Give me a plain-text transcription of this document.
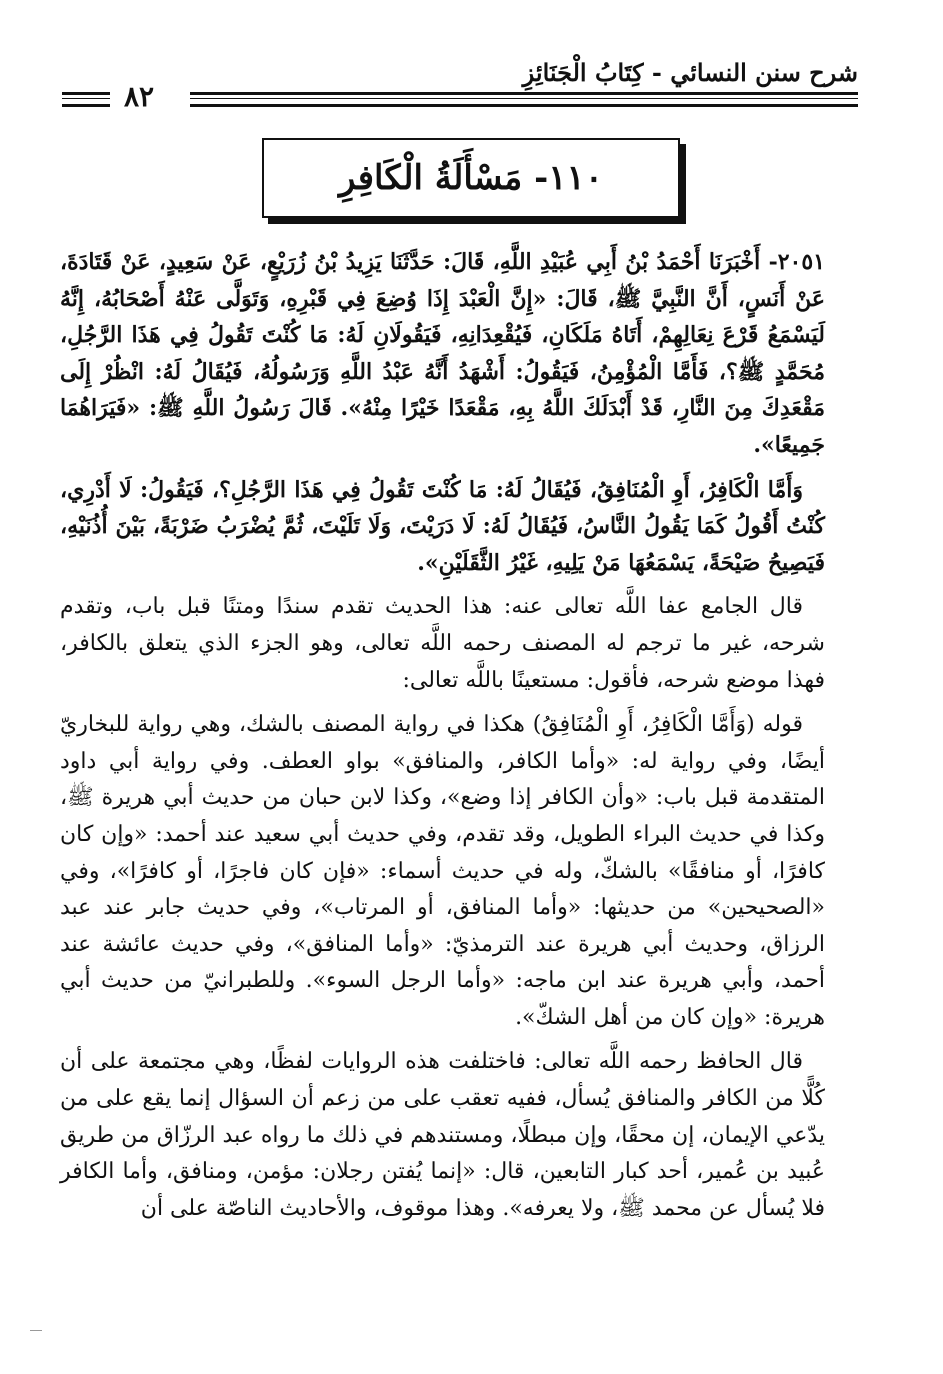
شرح سنن النسائي - كِتَابُ الْجَنَائِزِ
٨٢
١١٠- مَسْأَلَةُ الْكَافِرِ

٢٠٥١- أَخْبَرَنَا أَحْمَدُ بْنُ أَبِي عُبَيْدِ اللَّهِ، قَالَ: حَدَّثَنَا يَزِيدُ بْنُ زُرَيْعٍ، عَنْ سَعِيدٍ، عَنْ قَتَادَةَ، عَنْ أَنَسٍ، أَنَّ النَّبِيَّ ﷺ، قَالَ: «إِنَّ الْعَبْدَ إِذَا وُضِعَ فِي قَبْرِهِ، وَتَوَلَّى عَنْهُ أَصْحَابُهُ، إِنَّهُ لَيَسْمَعُ قَرْعَ نِعَالِهِمْ، أَتَاهُ مَلَكَانِ، فَيُقْعِدَانِهِ، فَيَقُولَانِ لَهُ: مَا كُنْتَ تَقُولُ فِي هَذَا الرَّجُلِ، مُحَمَّدٍ ﷺ؟، فَأَمَّا الْمُؤْمِنُ، فَيَقُولُ: أَشْهَدُ أَنَّهُ عَبْدُ اللَّهِ وَرَسُولُهُ، فَيُقَالُ لَهُ: انْظُرْ إِلَى مَقْعَدِكَ مِنَ النَّارِ، قَدْ أَبْدَلَكَ اللَّهُ بِهِ، مَقْعَدًا خَيْرًا مِنْهُ». قَالَ رَسُولُ اللَّهِ ﷺ: «فَيَرَاهُمَا جَمِيعًا».

وَأَمَّا الْكَافِرُ، أَوِ الْمُنَافِقُ، فَيُقَالُ لَهُ: مَا كُنْتَ تَقُولُ فِي هَذَا الرَّجُلِ؟، فَيَقُولُ: لَا أَدْرِي، كُنْتُ أَقُولُ كَمَا يَقُولُ النَّاسُ، فَيُقَالُ لَهُ: لَا دَرَيْتَ، وَلَا تَلَيْتَ، ثُمَّ يُضْرَبُ ضَرْبَةً، بَيْنَ أُذُنَيْهِ، فَيَصِيحُ صَيْحَةً، يَسْمَعُهَا مَنْ يَلِيهِ، غَيْرُ الثَّقَلَيْنِ».

قال الجامع عفا اللَّه تعالى عنه: هذا الحديث تقدم سندًا ومتنًا قبل باب، وتقدم شرحه، غير ما ترجم له المصنف رحمه اللَّه تعالى، وهو الجزء الذي يتعلق بالكافر، فهذا موضع شرحه، فأقول: مستعينًا باللَّه تعالى:

قوله (وَأَمَّا الْكَافِرُ، أَوِ الْمُنَافِقُ) هكذا في رواية المصنف بالشك، وهي رواية للبخاريّ أيضًا، وفي رواية له: «وأما الكافر، والمنافق» بواو العطف. وفي رواية أبي داود المتقدمة قبل باب: «وأن الكافر إذا وضع»، وكذا لابن حبان من حديث أبي هريرة ﷺ، وكذا في حديث البراء الطويل، وقد تقدم، وفي حديث أبي سعيد عند أحمد: «وإن كان كافرًا، أو منافقًا» بالشكّ، وله في حديث أسماء: «فإن كان فاجرًا، أو كافرًا»، وفي «الصحيحين» من حديثها: «وأما المنافق، أو المرتاب»، وفي حديث جابر عند عبد الرزاق، وحديث أبي هريرة عند الترمذيّ: «وأما المنافق»، وفي حديث عائشة عند أحمد، وأبي هريرة عند ابن ماجه: «وأما الرجل السوء». وللطبرانيّ من حديث أبي هريرة: «وإن كان من أهل الشكّ».

قال الحافظ رحمه اللَّه تعالى: فاختلفت هذه الروايات لفظًا، وهي مجتمعة على أن كُلًّا من الكافر والمنافق يُسأل، ففيه تعقب على من زعم أن السؤال إنما يقع على من يدّعي الإيمان، إن محقًا، وإن مبطلًا، ومستندهم في ذلك ما رواه عبد الرزّاق من طريق عُبيد بن عُمير، أحد كبار التابعين، قال: «إنما يُفتن رجلان: مؤمن، ومنافق، وأما الكافر فلا يُسأل عن محمد ﷺ، ولا يعرفه». وهذا موقوف، والأحاديث الناصّة على أن
